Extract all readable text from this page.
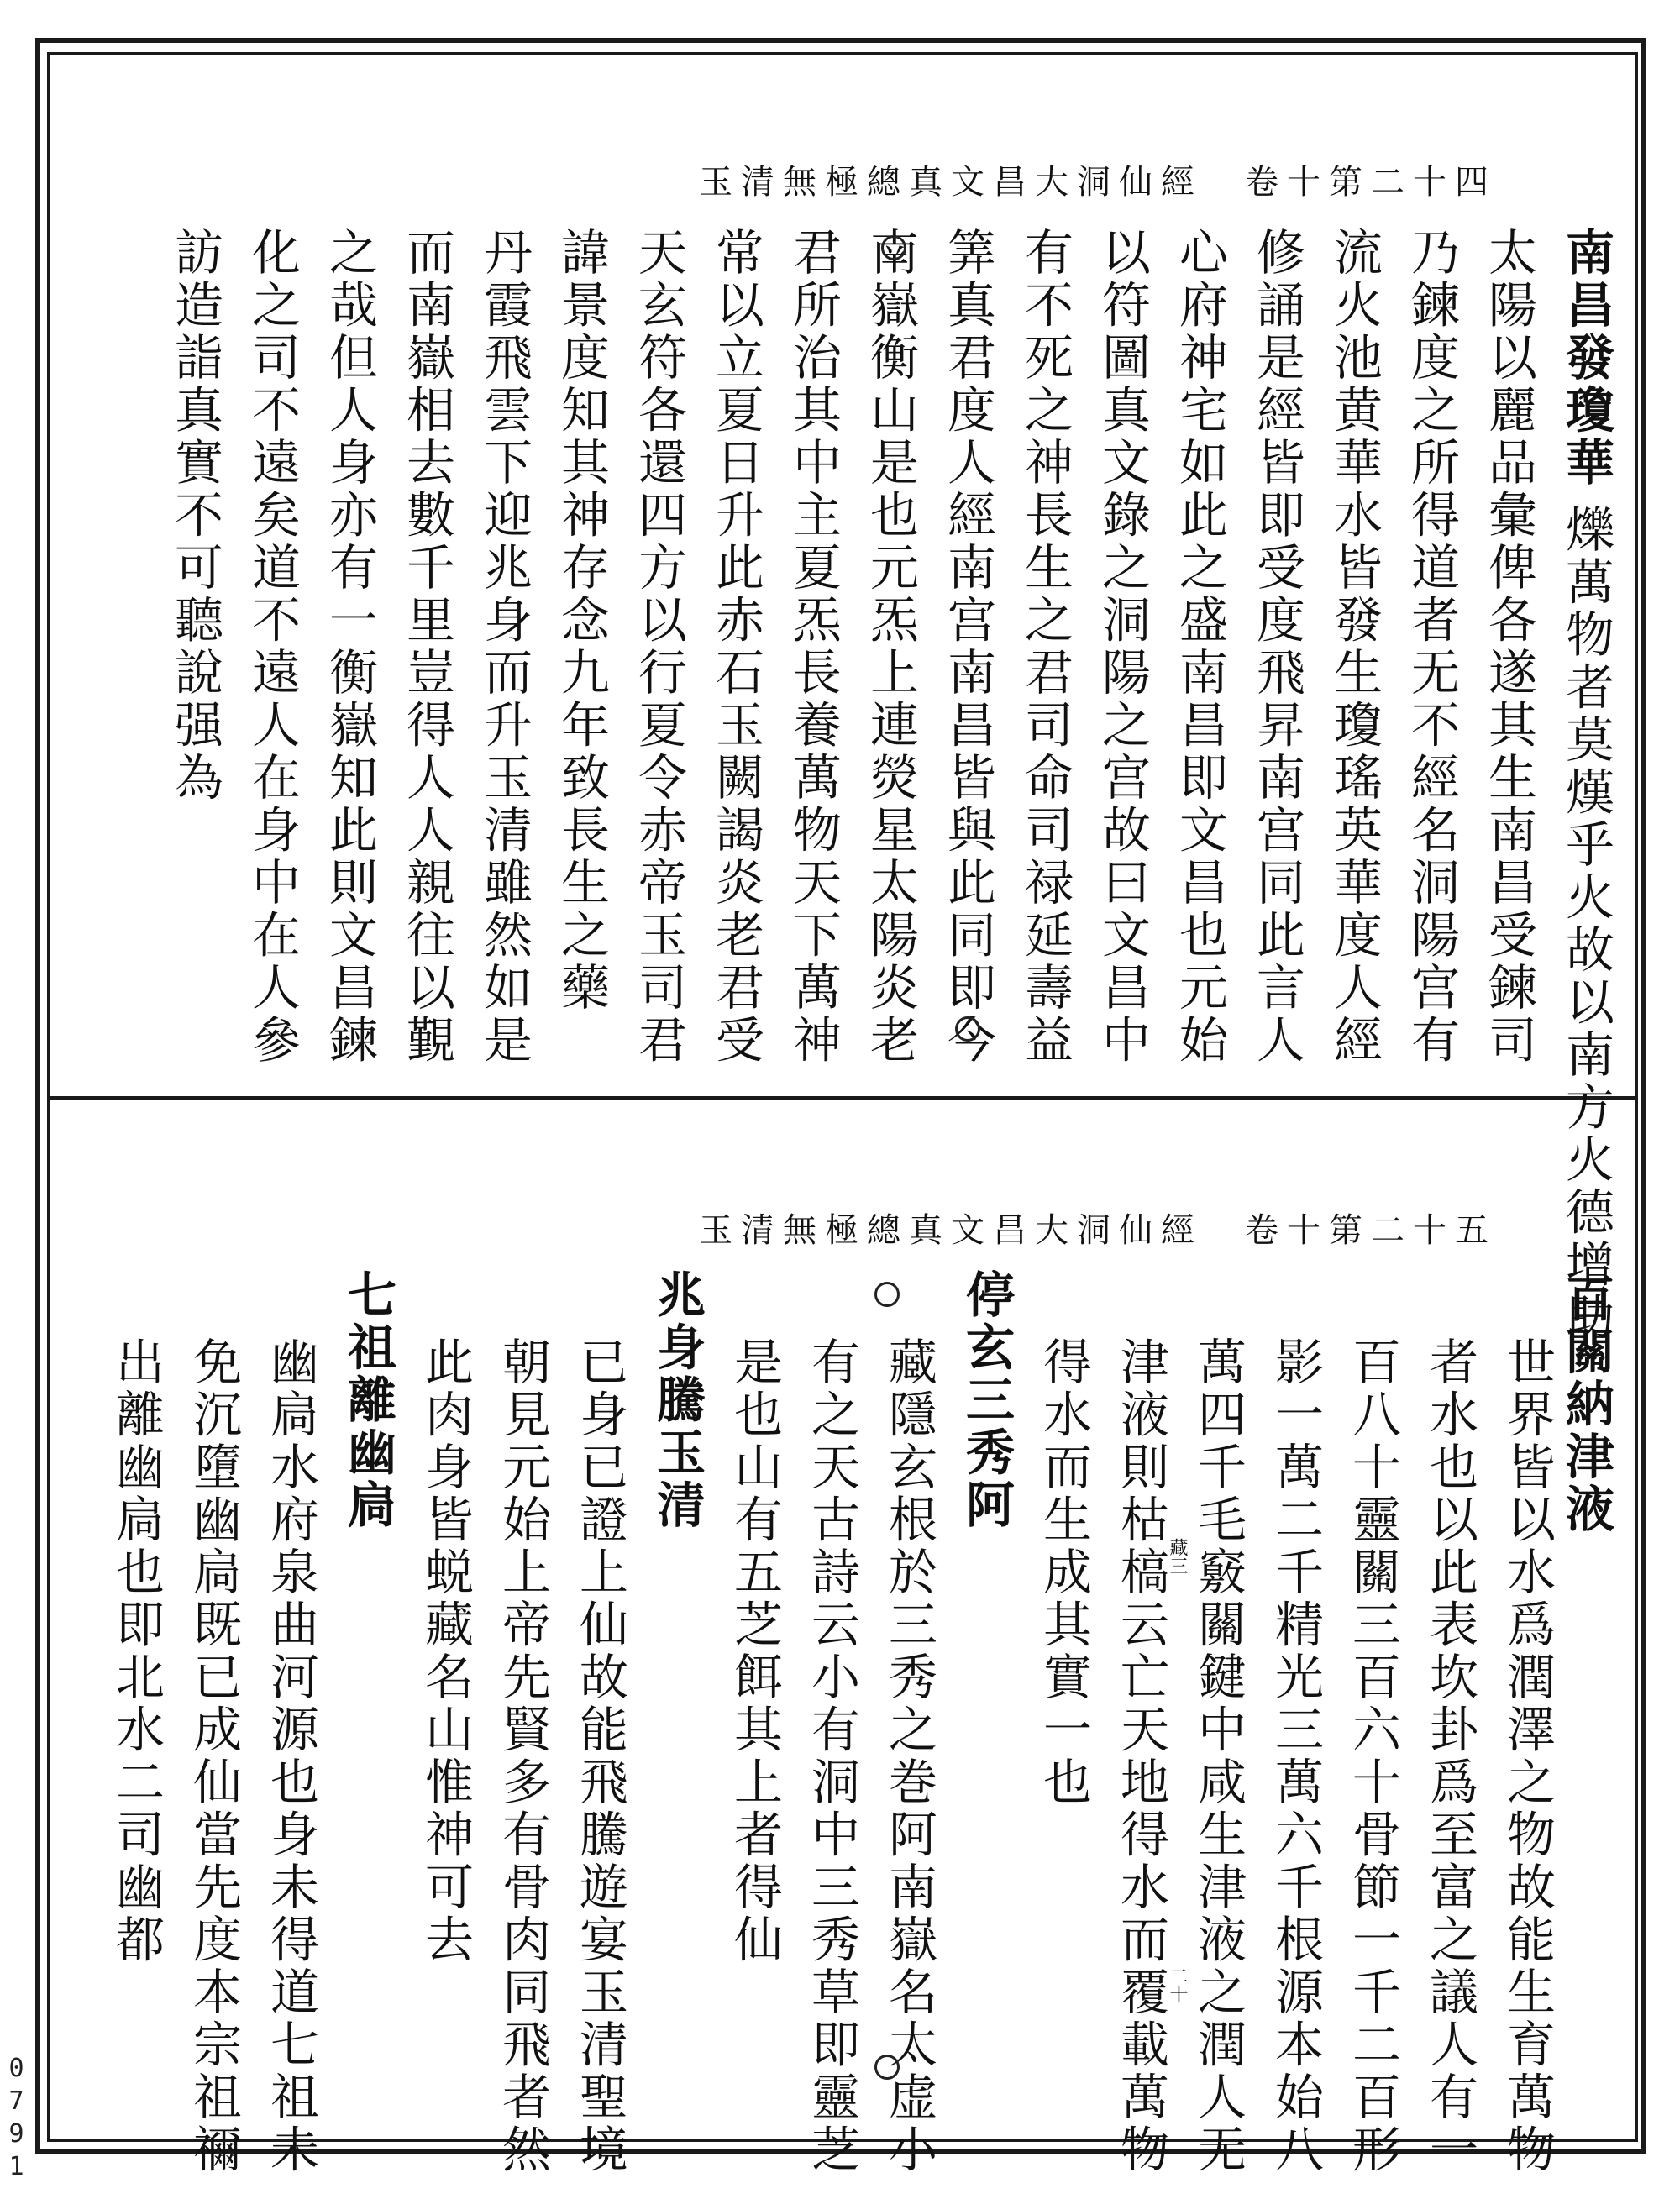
玉清無極總真文昌大洞仙經　卷十第二十四
南昌發瓊華
爍萬物者莫熯乎火故以南方火德增助
太陽以麗品彙俾各遂其生南昌受鍊司
乃鍊度之所得道者无不經名洞陽宫有
流火池黄華水皆發生瓊瑤英華度人經
修誦是經皆即受度飛昇南宫同此言人
心府神宅如此之盛南昌即文昌也元始
以符圖真文錄之洞陽之宫故曰文昌中
有不死之神長生之君司命司禄延壽益
筭真君度人經南宫南昌皆與此同即今
南嶽衡山是也元炁上連熒星太陽炎老
君所治其中主夏炁長養萬物天下萬神
常以立夏日升此赤石玉闕謁炎老君受
天玄符各還四方以行夏令赤帝玉司君
諱景度知其神存念九年致長生之藥
丹霞飛雲下迎兆身而升玉清雖然如是
而南嶽相去數千里豈得人人親往以覲
之哉但人身亦有一衡嶽知此則文昌鍊
化之司不遠矣道不遠人在身中在人參
訪造詣真實不可聽說强為
玉清無極總真文昌大洞仙經　卷十第二十五
百關納津液
世界皆以水爲潤澤之物故能生育萬物
者水也以此表坎卦爲至富之議人有一
百八十靈關三百六十骨節一千二百形
影一萬二千精光三萬六千根源本始八
萬四千毛竅關鍵中咸生津液之潤人无
藏三
二十
津液則枯槁云亡天地得水而覆載萬物
得水而生成其實一也
停玄三秀阿
藏隱玄根於三秀之巻阿南嶽名太虚小
有之天古詩云小有洞中三秀草即靈芝
是也山有五芝餌其上者得仙
兆身騰玉清
已身已證上仙故能飛騰遊宴玉清聖境
朝見元始上帝先賢多有骨肉同飛者然
此肉身皆蜕藏名山惟神可去
七祖離幽扃
幽扃水府泉曲河源也身未得道七祖未
免沉墮幽扃既已成仙當先度本宗祖禰
出離幽扃也即北水二司幽都
0791
